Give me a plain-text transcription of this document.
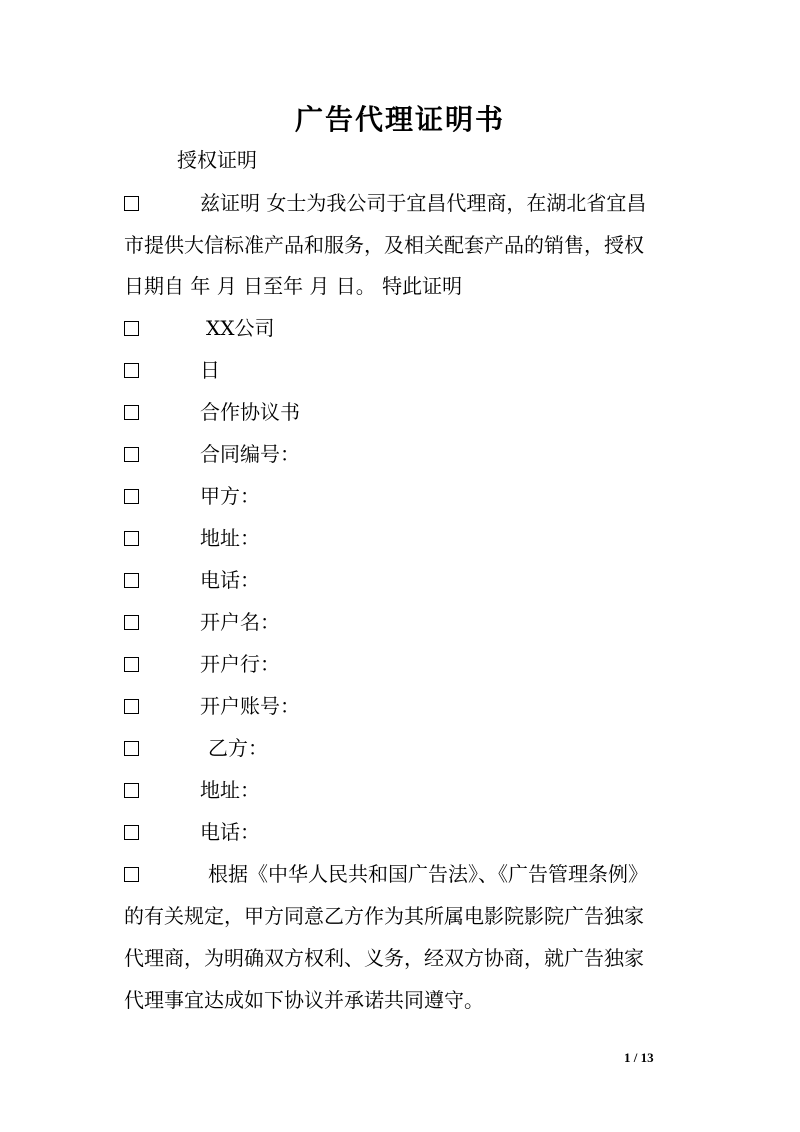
广告代理证明书
授权证明
兹证明 女士为我公司于宜昌代理商，在湖北省宜昌
市提供大信标准产品和服务，及相关配套产品的销售，授权
日期自 年 月 日至年 月 日。 特此证明
XX公司
日
合作协议书
合同编号：
甲方：
地址：
电话：
开户名：
开户行：
开户账号：
乙方：
地址：
电话：
根据《中华人民共和国广告法》、《广告管理条例》
的有关规定，甲方同意乙方作为其所属电影院影院广告独家
代理商，为明确双方权利、义务，经双方协商，就广告独家
代理事宜达成如下协议并承诺共同遵守。
1 / 13
